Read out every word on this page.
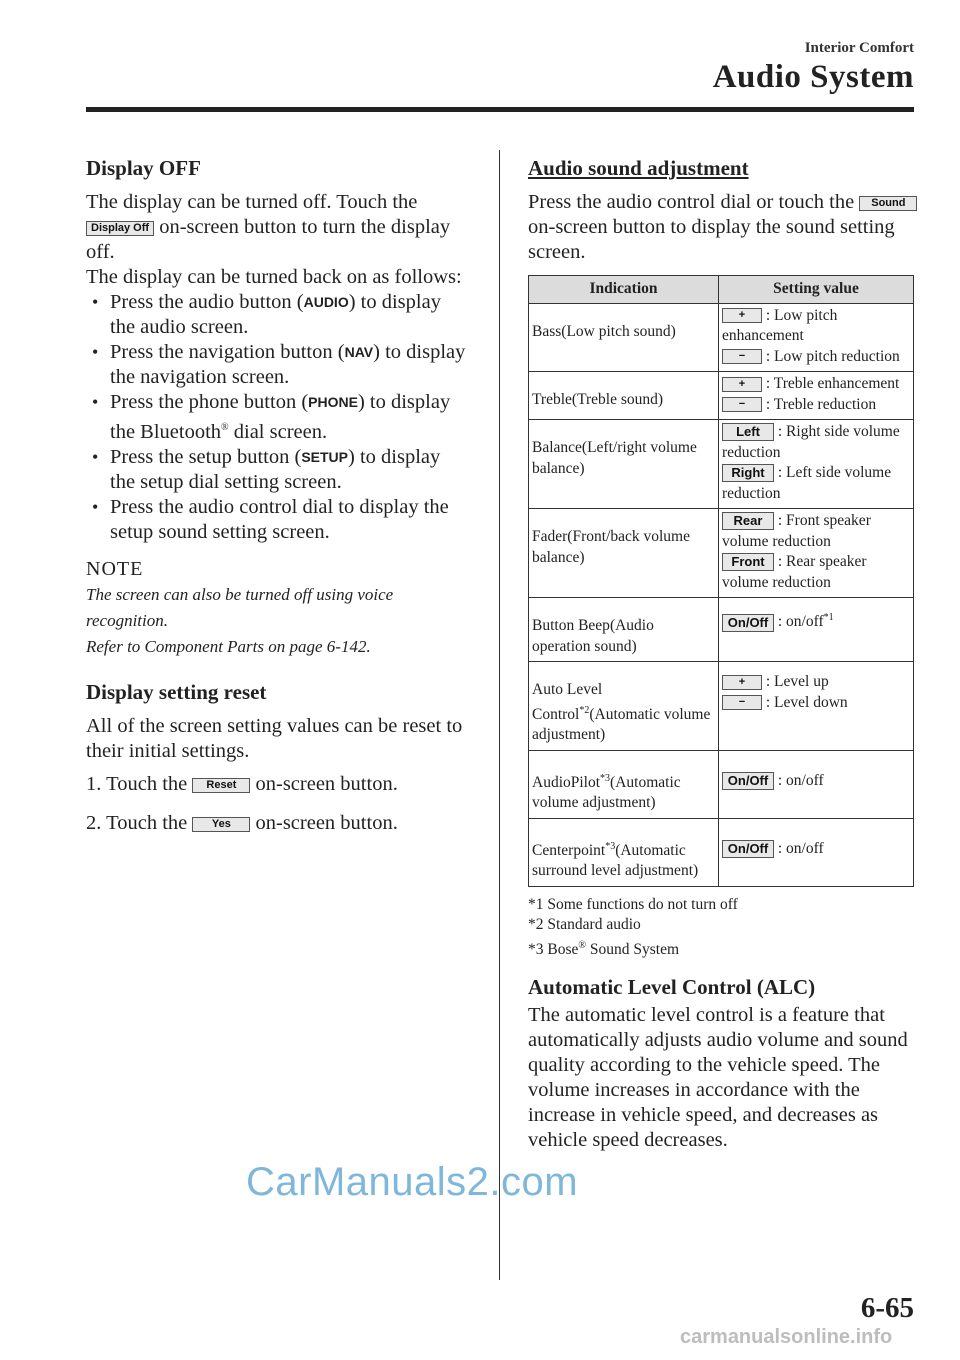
Interior Comfort
Audio System
Display OFF

The display can be turned off. Touch the Display Off on-screen button to turn the display off.

The display can be turned back on as follows:

• Press the audio button (AUDIO) to display the audio screen.
• Press the navigation button (NAV) to display the navigation screen.
• Press the phone button (PHONE) to display the Bluetooth® dial screen.
• Press the setup button (SETUP) to display the setup dial setting screen.
• Press the audio control dial to display the setup sound setting screen.
NOTE

The screen can also be turned off using voice recognition.

Refer to Component Parts on page 6-142.

Display setting reset

All of the screen setting values can be reset to their initial settings.

1. Touch the Reset on-screen button.
2. Touch the Yes on-screen button.
Audio sound adjustment

Press the audio control dial or touch the Sound on-screen button to display the sound setting screen.

Indication	Setting value
Bass(Low pitch sound)	+ : Low pitch enhancement
− : Low pitch reduction
Treble(Treble sound)	+ : Treble enhancement
− : Treble reduction
Balance(Left/right volume balance)	Left : Right side volume reduction
Right : Left side volume reduction
Fader(Front/back volume balance)	Rear : Front speaker volume reduction
Front : Rear speaker volume reduction
Button Beep(Audio operation sound)	On/Off : on/off$^{*1}$
Auto Level Control$^{*2}$(Automatic volume adjustment)	+ : Level up
− : Level down
AudioPilot$^{*3}$(Automatic volume adjustment)	On/Off : on/off
Centerpoint$^{*3}$(Automatic surround level adjustment)	On/Off : on/off
*1 Some functions do not turn off
*2 Standard audio
*3 Bose® Sound System
Automatic Level Control (ALC)

The automatic level control is a feature that automatically adjusts audio volume and sound quality according to the vehicle speed. The volume increases in accordance with the increase in vehicle speed, and decreases as vehicle speed decreases.

6-65
CarManuals2.com
carmanualsonline.info
